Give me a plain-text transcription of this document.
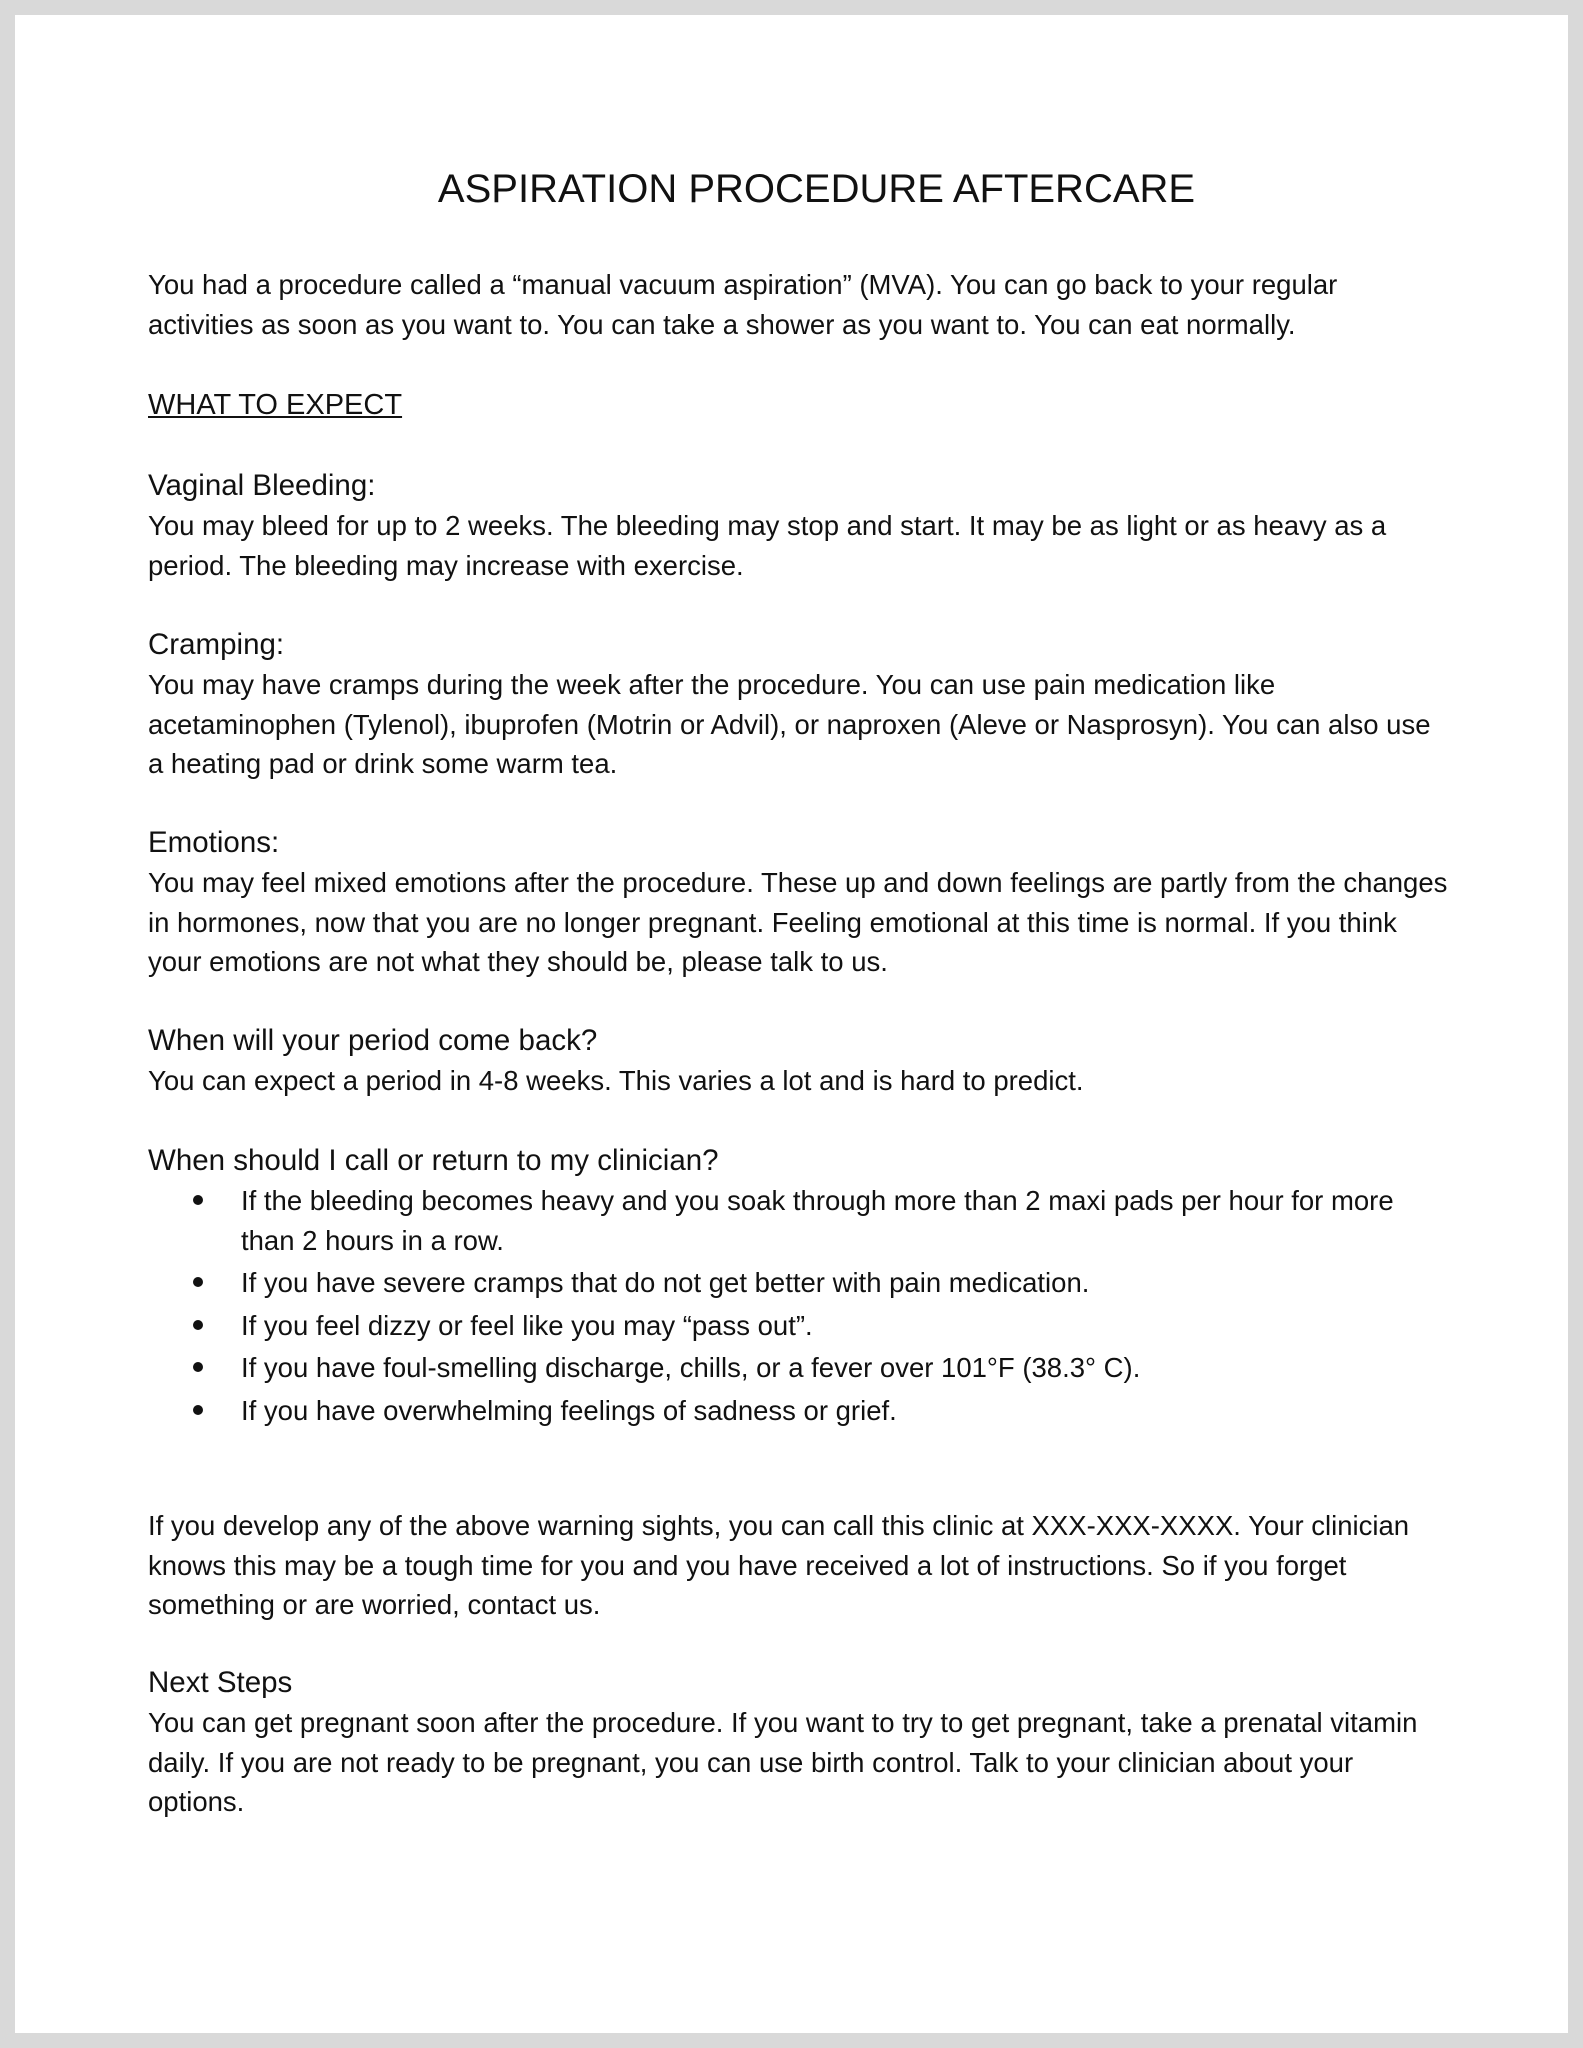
ASPIRATION PROCEDURE AFTERCARE

You had a procedure called a “manual vacuum aspiration” (MVA). You can go back to your regular activities as soon as you want to. You can take a shower as you want to. You can eat normally.

WHAT TO EXPECT

Vaginal Bleeding:

You may bleed for up to 2 weeks. The bleeding may stop and start. It may be as light or as heavy as a period. The bleeding may increase with exercise.

Cramping:

You may have cramps during the week after the procedure. You can use pain medication like acetaminophen (Tylenol), ibuprofen (Motrin or Advil), or naproxen (Aleve or Nasprosyn). You can also use a heating pad or drink some warm tea.

Emotions:

You may feel mixed emotions after the procedure. These up and down feelings are partly from the changes in hormones, now that you are no longer pregnant. Feeling emotional at this time is normal. If you think your emotions are not what they should be, please talk to us.

When will your period come back?

You can expect a period in 4-8 weeks. This varies a lot and is hard to predict.

When should I call or return to my clinician?

If the bleeding becomes heavy and you soak through more than 2 maxi pads per hour for more than 2 hours in a row.
If you have severe cramps that do not get better with pain medication.
If you feel dizzy or feel like you may “pass out”.
If you have foul-smelling discharge, chills, or a fever over 101°F (38.3° C).
If you have overwhelming feelings of sadness or grief.

If you develop any of the above warning sights, you can call this clinic at XXX-XXX-XXXX. Your clinician knows this may be a tough time for you and you have received a lot of instructions. So if you forget something or are worried, contact us.

Next Steps

You can get pregnant soon after the procedure. If you want to try to get pregnant, take a prenatal vitamin daily. If you are not ready to be pregnant, you can use birth control. Talk to your clinician about your options.
